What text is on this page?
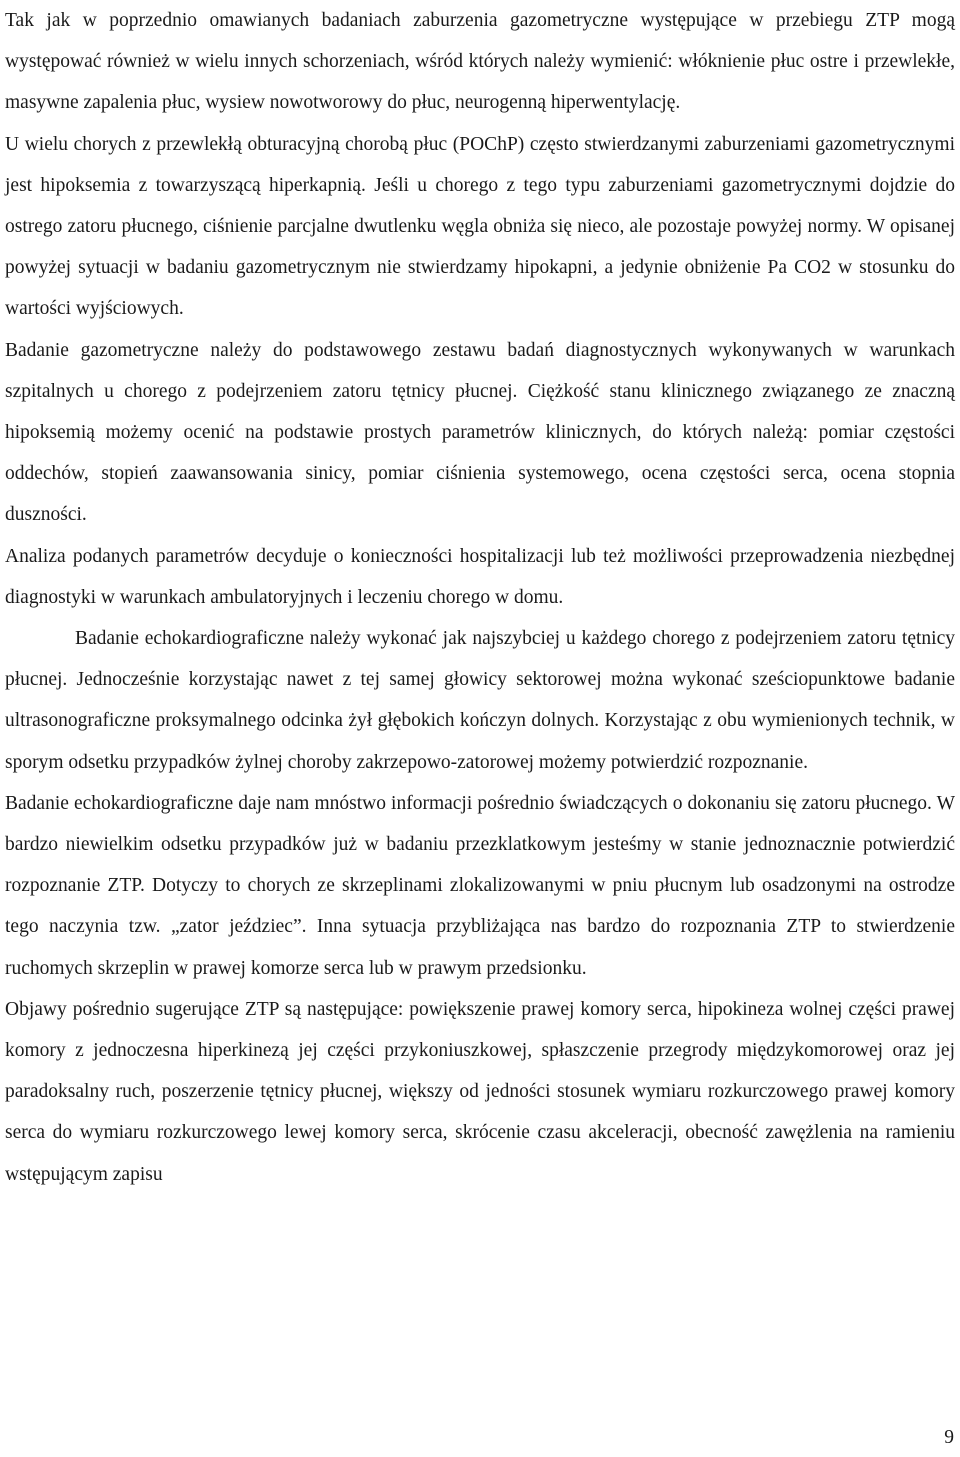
Tak jak w poprzednio omawianych badaniach zaburzenia gazometryczne występujące w przebiegu ZTP mogą występować również w wielu innych schorzeniach, wśród których należy wymienić: włóknienie płuc ostre i przewlekłe, masywne zapalenia płuc, wysiew nowotworowy do płuc, neurogenną hiperwentylację.

U wielu chorych z przewlekłą obturacyjną chorobą płuc (POChP) często stwierdzanymi zaburzeniami gazometrycznymi jest hipoksemia z towarzyszącą hiperkapnią. Jeśli u chorego z tego typu zaburzeniami gazometrycznymi dojdzie do ostrego zatoru płucnego, ciśnienie parcjalne dwutlenku węgla obniża się nieco, ale pozostaje powyżej normy. W opisanej powyżej sytuacji w badaniu gazometrycznym nie stwierdzamy hipokapni, a jedynie obniżenie Pa CO2 w stosunku do wartości wyjściowych.

Badanie gazometryczne należy do podstawowego zestawu badań diagnostycznych wykonywanych w warunkach szpitalnych u chorego z podejrzeniem zatoru tętnicy płucnej. Ciężkość stanu klinicznego związanego ze znaczną hipoksemią możemy ocenić na podstawie prostych parametrów klinicznych, do których należą: pomiar częstości oddechów, stopień zaawansowania sinicy, pomiar ciśnienia systemowego, ocena częstości serca, ocena stopnia duszności.

Analiza podanych parametrów decyduje o konieczności hospitalizacji lub też możliwości przeprowadzenia niezbędnej diagnostyki w warunkach ambulatoryjnych i leczeniu chorego w domu.

Badanie echokardiograficzne należy wykonać jak najszybciej u każdego chorego z podejrzeniem zatoru tętnicy płucnej. Jednocześnie korzystając nawet z tej samej głowicy sektorowej można wykonać sześciopunktowe badanie ultrasonograficzne proksymalnego odcinka żył głębokich kończyn dolnych. Korzystając z obu wymienionych technik, w sporym odsetku przypadków żylnej choroby zakrzepowo-zatorowej możemy potwierdzić rozpoznanie.

Badanie echokardiograficzne daje nam mnóstwo informacji pośrednio świadczących o dokonaniu się zatoru płucnego. W bardzo niewielkim odsetku przypadków już w badaniu przezklatkowym jesteśmy w stanie jednoznacznie potwierdzić rozpoznanie ZTP. Dotyczy to chorych ze skrzeplinami zlokalizowanymi w pniu płucnym lub osadzonymi na ostrodze tego naczynia tzw. „zator jeździec”. Inna sytuacja przybliżająca nas bardzo do rozpoznania ZTP to stwierdzenie ruchomych skrzeplin w prawej komorze serca lub w prawym przedsionku.

Objawy pośrednio sugerujące ZTP są następujące: powiększenie prawej komory serca, hipokineza wolnej części prawej komory z jednoczesna hiperkinezą jej części przykoniuszkowej, spłaszczenie przegrody międzykomorowej oraz jej paradoksalny ruch, poszerzenie tętnicy płucnej, większy od jedności stosunek wymiaru rozkurczowego prawej komory serca do wymiaru rozkurczowego lewej komory serca, skrócenie czasu akceleracji, obecność zawężlenia na ramieniu wstępującym zapisu

9
